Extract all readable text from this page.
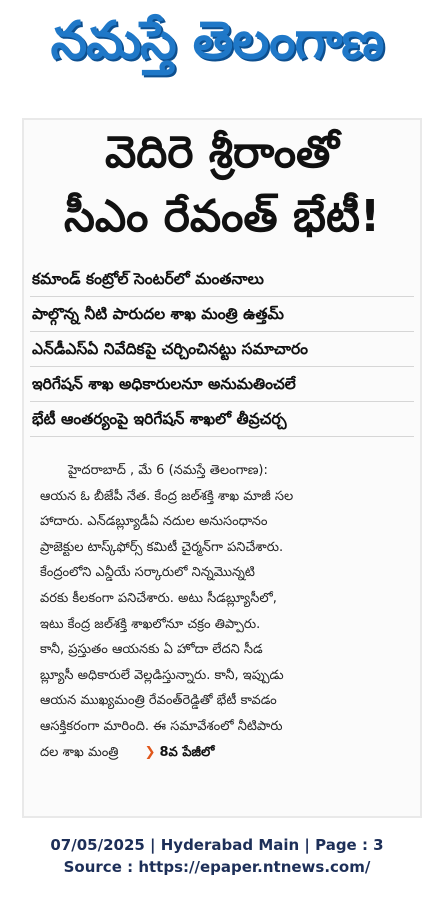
నమస్తే తెలంగాణ
వెదిరె శ్రీరాంతో
సీఎం రేవంత్ భేటీ!
కమాండ్ కంట్రోల్ సెంటర్‌లో మంతనాలు
పాల్గొన్న నీటి పారుదల శాఖ మంత్రి ఉత్తమ్
ఎన్‌డీఎస్ఏ నివేదికపై చర్చించినట్టు సమాచారం
ఇరిగేషన్ శాఖ అధికారులనూ అనుమతించలే
భేటీ ఆంతర్యంపై ఇరిగేషన్ శాఖలో తీవ్రచర్చ
హైదరాబాద్ , మే 6 (నమస్తే తెలంగాణ):
ఆయన ఓ బీజేపీ నేత. కేంద్ర జల్‌శక్తి శాఖ మాజీ సల
హాదారు. ఎన్‌డబ్ల్యూడీఏ నదుల అనుసంధానం
ప్రాజెక్టుల టాస్క్‌ఫోర్స్ కమిటీ చైర్మన్‌గా పనిచేశారు.
కేంద్రంలోని ఎన్డీయే సర్కారులో నిన్నమొన్నటి
వరకు కీలకంగా పనిచేశారు. అటు సీడబ్ల్యూసీలో,
ఇటు కేంద్ర జల్‌శక్తి శాఖలోనూ చక్రం తిప్పారు.
కానీ, ప్రస్తుతం ఆయనకు ఏ హోదా లేదని సీడ
బ్ల్యూసీ అధికారులే వెల్లడిస్తున్నారు. కానీ, ఇప్పుడు
ఆయన ముఖ్యమంత్రి రేవంత్‌రెడ్డితో భేటీ కావడం
ఆసక్తికరంగా మారింది. ఈ సమావేశంలో నీటిపారు
దల శాఖ మంత్రి ❯ 8వ పేజీలో
07/05/2025 | Hyderabad Main | Page : 3
Source : https://epaper.ntnews.com/
